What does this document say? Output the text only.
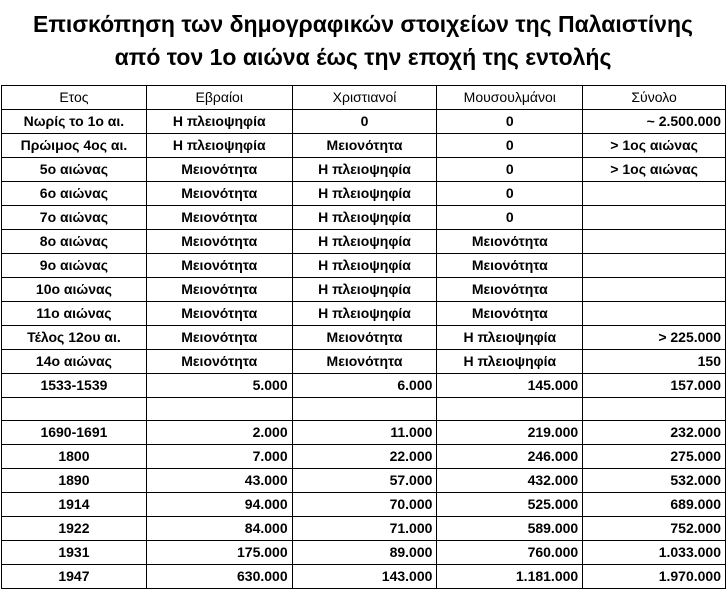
Επισκόπηση των δημογραφικών στοιχείων της Παλαιστίνης
από τον 1ο αιώνα έως την εποχή της εντολής
Ετος	Εβραίοι	Χριστιανοί	Μουσουλμάνοι	Σύνολο
Νωρίς το 1ο αι.	Η πλειοψηφία	0	0	~ 2.500.000
Πρώιμος 4ος αι.	Η πλειοψηφία	Μειονότητα	0	> 1ος αιώνας
5ο αιώνας	Μειονότητα	Η πλειοψηφία	0	> 1ος αιώνας
6ο αιώνας	Μειονότητα	Η πλειοψηφία	0	
7ο αιώνας	Μειονότητα	Η πλειοψηφία	0	
8ο αιώνας	Μειονότητα	Η πλειοψηφία	Μειονότητα	
9ο αιώνας	Μειονότητα	Η πλειοψηφία	Μειονότητα	
10ο αιώνας	Μειονότητα	Η πλειοψηφία	Μειονότητα	
11ο αιώνας	Μειονότητα	Η πλειοψηφία	Μειονότητα	
Τέλος 12ου αι.	Μειονότητα	Μειονότητα	Η πλειοψηφία	> 225.000
14ο αιώνας	Μειονότητα	Μειονότητα	Η πλειοψηφία	150
1533-1539	5.000	6.000	145.000	157.000

1690-1691	2.000	11.000	219.000	232.000
1800	7.000	22.000	246.000	275.000
1890	43.000	57.000	432.000	532.000
1914	94.000	70.000	525.000	689.000
1922	84.000	71.000	589.000	752.000
1931	175.000	89.000	760.000	1.033.000
1947	630.000	143.000	1.181.000	1.970.000
